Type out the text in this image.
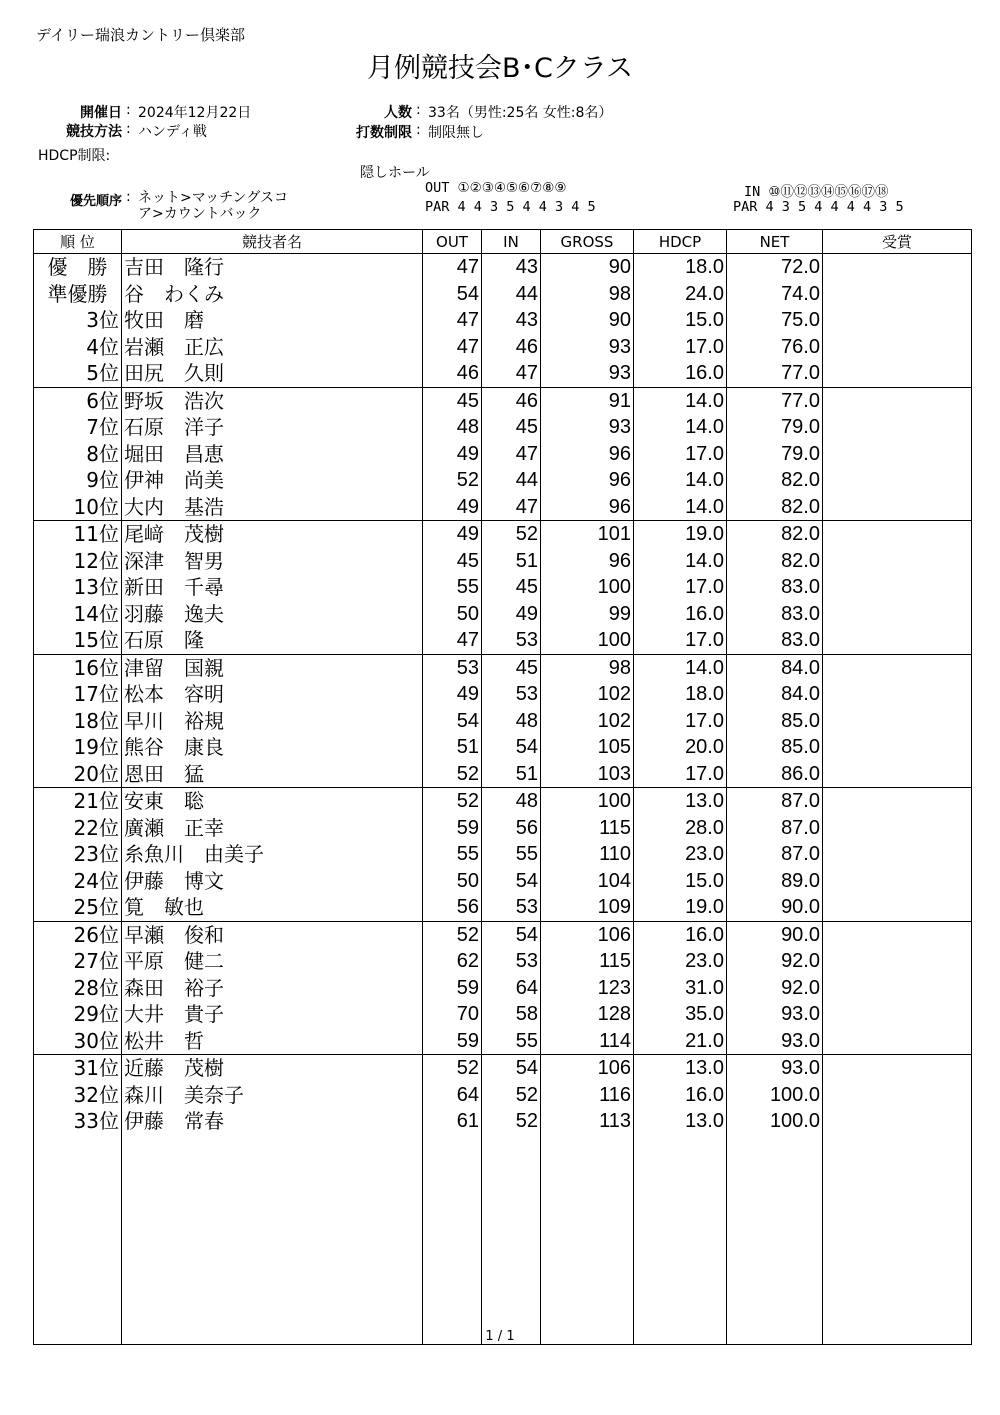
デイリー瑞浪カントリー倶楽部
月例競技会B･Cクラス
開催日 : 2024年12月22日
競技方法 : ハンディ戦
HDCP制限:
人数 : 33名（男性:25名 女性:8名）
打数制限 : 制限無し
隠しホール
優先順序 : ネット>マッチングスコ
ア>カウントバック
OUT ①②③④⑤⑥⑦⑧⑨
PAR 4 4 3 5 4 4 3 4 5
IN ⑩⑪⑫⑬⑭⑮⑯⑰⑱
PAR 4 3 5 4 4 4 4 3 5
順 位	競技者名	OUT	IN	GROSS	HDCP	NET	受賞
優　勝	吉田　隆行	47	43	90	18.0	72.0	
準優勝	谷　わくみ	54	44	98	24.0	74.0	
3位	牧田　磨	47	43	90	15.0	75.0	
4位	岩瀬　正広	47	46	93	17.0	76.0	
5位	田尻　久則	46	47	93	16.0	77.0	
6位	野坂　浩次	45	46	91	14.0	77.0	
7位	石原　洋子	48	45	93	14.0	79.0	
8位	堀田　昌恵	49	47	96	17.0	79.0	
9位	伊神　尚美	52	44	96	14.0	82.0	
10位	大内　基浩	49	47	96	14.0	82.0	
11位	尾﨑　茂樹	49	52	101	19.0	82.0	
12位	深津　智男	45	51	96	14.0	82.0	
13位	新田　千尋	55	45	100	17.0	83.0	
14位	羽藤　逸夫	50	49	99	16.0	83.0	
15位	石原　隆	47	53	100	17.0	83.0	
16位	津留　国親	53	45	98	14.0	84.0	
17位	松本　容明	49	53	102	18.0	84.0	
18位	早川　裕規	54	48	102	17.0	85.0	
19位	熊谷　康良	51	54	105	20.0	85.0	
20位	恩田　猛	52	51	103	17.0	86.0	
21位	安東　聡	52	48	100	13.0	87.0	
22位	廣瀬　正幸	59	56	115	28.0	87.0	
23位	糸魚川　由美子	55	55	110	23.0	87.0	
24位	伊藤　博文	50	54	104	15.0	89.0	
25位	筧　敏也	56	53	109	19.0	90.0	
26位	早瀬　俊和	52	54	106	16.0	90.0	
27位	平原　健二	62	53	115	23.0	92.0	
28位	森田　裕子	59	64	123	31.0	92.0	
29位	大井　貴子	70	58	128	35.0	93.0	
30位	松井　哲	59	55	114	21.0	93.0	
31位	近藤　茂樹	52	54	106	13.0	93.0	
32位	森川　美奈子	64	52	116	16.0	100.0	
33位	伊藤　常春	61	52	113	13.0	100.0	

1 / 1
